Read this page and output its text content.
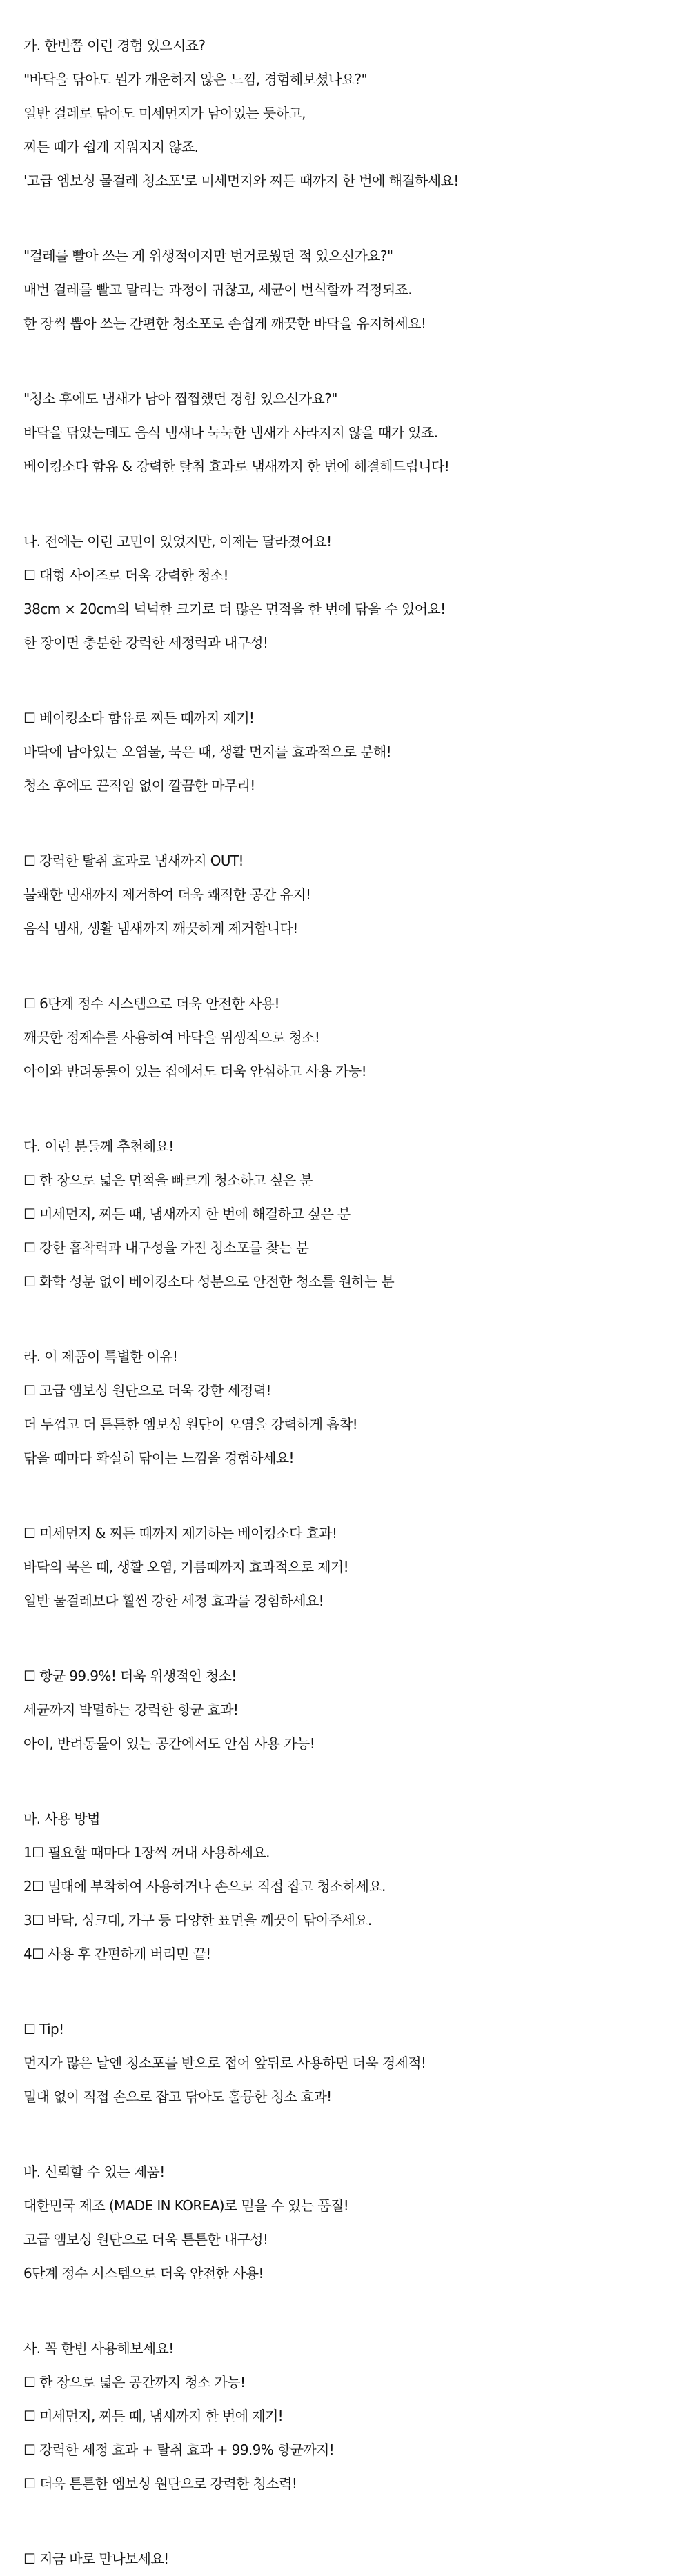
가. 한번쯤 이런 경험 있으시죠?
"바닥을 닦아도 뭔가 개운하지 않은 느낌, 경험해보셨나요?"
일반 걸레로 닦아도 미세먼지가 남아있는 듯하고,
찌든 때가 쉽게 지워지지 않죠.
'고급 엠보싱 물걸레 청소포'로 미세먼지와 찌든 때까지 한 번에 해결하세요!
"걸레를 빨아 쓰는 게 위생적이지만 번거로웠던 적 있으신가요?"
매번 걸레를 빨고 말리는 과정이 귀찮고, 세균이 번식할까 걱정되죠.
한 장씩 뽑아 쓰는 간편한 청소포로 손쉽게 깨끗한 바닥을 유지하세요!
"청소 후에도 냄새가 남아 찝찝했던 경험 있으신가요?"
바닥을 닦았는데도 음식 냄새나 눅눅한 냄새가 사라지지 않을 때가 있죠.
베이킹소다 함유 & 강력한 탈취 효과로 냄새까지 한 번에 해결해드립니다!
나. 전에는 이런 고민이 있었지만, 이제는 달라졌어요!
☐ 대형 사이즈로 더욱 강력한 청소!
38cm × 20cm의 넉넉한 크기로 더 많은 면적을 한 번에 닦을 수 있어요!
한 장이면 충분한 강력한 세정력과 내구성!
☐ 베이킹소다 함유로 찌든 때까지 제거!
바닥에 남아있는 오염물, 묵은 때, 생활 먼지를 효과적으로 분해!
청소 후에도 끈적임 없이 깔끔한 마무리!
☐ 강력한 탈취 효과로 냄새까지 OUT!
불쾌한 냄새까지 제거하여 더욱 쾌적한 공간 유지!
음식 냄새, 생활 냄새까지 깨끗하게 제거합니다!
☐ 6단계 정수 시스템으로 더욱 안전한 사용!
깨끗한 정제수를 사용하여 바닥을 위생적으로 청소!
아이와 반려동물이 있는 집에서도 더욱 안심하고 사용 가능!
다. 이런 분들께 추천해요!
☐ 한 장으로 넓은 면적을 빠르게 청소하고 싶은 분
☐ 미세먼지, 찌든 때, 냄새까지 한 번에 해결하고 싶은 분
☐ 강한 흡착력과 내구성을 가진 청소포를 찾는 분
☐ 화학 성분 없이 베이킹소다 성분으로 안전한 청소를 원하는 분
라. 이 제품이 특별한 이유!
☐ 고급 엠보싱 원단으로 더욱 강한 세정력!
더 두껍고 더 튼튼한 엠보싱 원단이 오염을 강력하게 흡착!
닦을 때마다 확실히 닦이는 느낌을 경험하세요!
☐ 미세먼지 & 찌든 때까지 제거하는 베이킹소다 효과!
바닥의 묵은 때, 생활 오염, 기름때까지 효과적으로 제거!
일반 물걸레보다 훨씬 강한 세정 효과를 경험하세요!
☐ 항균 99.9%! 더욱 위생적인 청소!
세균까지 박멸하는 강력한 항균 효과!
아이, 반려동물이 있는 공간에서도 안심 사용 가능!
마. 사용 방법
1☐ 필요할 때마다 1장씩 꺼내 사용하세요.
2☐ 밀대에 부착하여 사용하거나 손으로 직접 잡고 청소하세요.
3☐ 바닥, 싱크대, 가구 등 다양한 표면을 깨끗이 닦아주세요.
4☐ 사용 후 간편하게 버리면 끝!
☐ Tip!
먼지가 많은 날엔 청소포를 반으로 접어 앞뒤로 사용하면 더욱 경제적!
밀대 없이 직접 손으로 잡고 닦아도 훌륭한 청소 효과!
바. 신뢰할 수 있는 제품!
대한민국 제조 (MADE IN KOREA)로 믿을 수 있는 품질!
고급 엠보싱 원단으로 더욱 튼튼한 내구성!
6단계 정수 시스템으로 더욱 안전한 사용!
사. 꼭 한번 사용해보세요!
☐ 한 장으로 넓은 공간까지 청소 가능!
☐ 미세먼지, 찌든 때, 냄새까지 한 번에 제거!
☐ 강력한 세정 효과 + 탈취 효과 + 99.9% 항균까지!
☐ 더욱 튼튼한 엠보싱 원단으로 강력한 청소력!
☐ 지금 바로 만나보세요!
